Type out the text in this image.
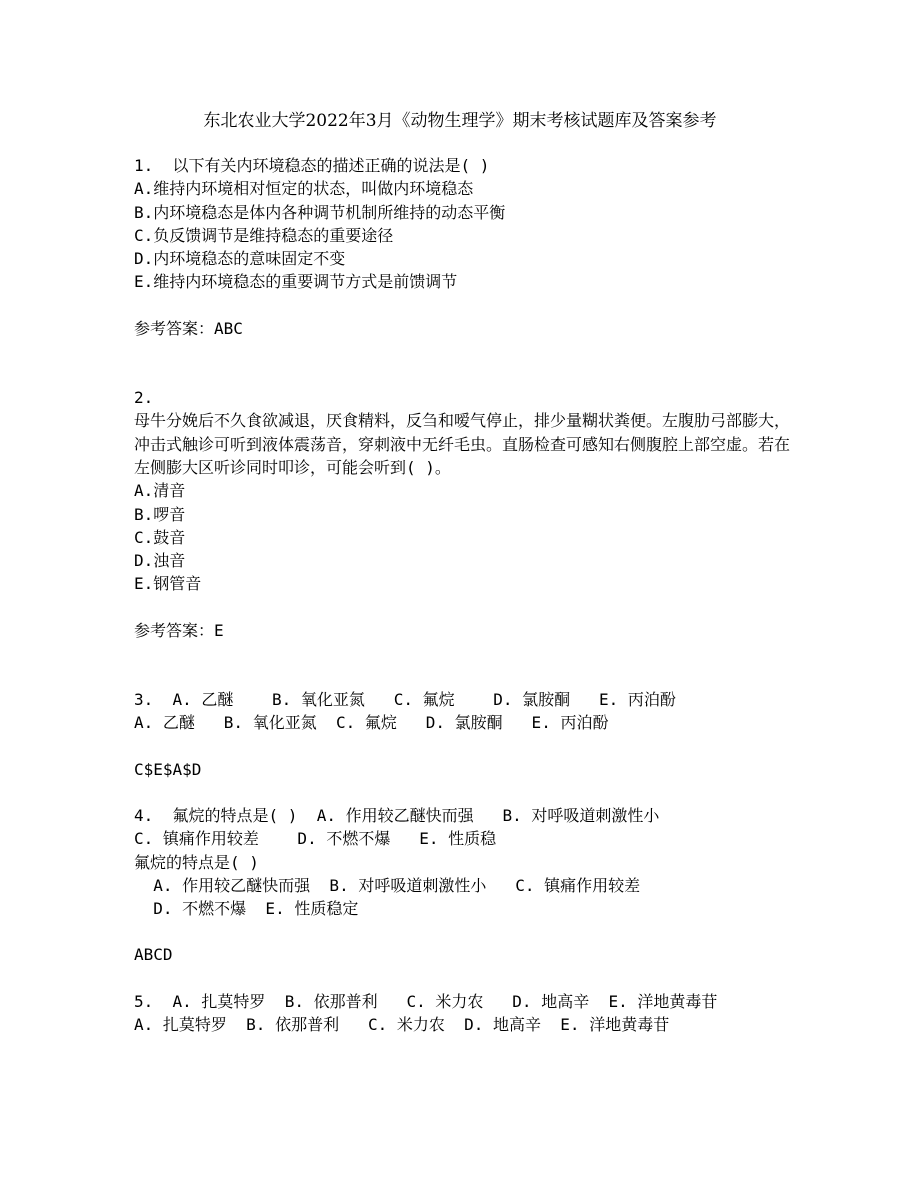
东北农业大学2022年3月《动物生理学》期末考核试题库及答案参考
1.  以下有关内环境稳态的描述正确的说法是( )
A.维持内环境相对恒定的状态，叫做内环境稳态
B.内环境稳态是体内各种调节机制所维持的动态平衡
C.负反馈调节是维持稳态的重要途径
D.内环境稳态的意味固定不变
E.维持内环境稳态的重要调节方式是前馈调节
参考答案：ABC
2.
母牛分娩后不久食欲减退，厌食精料，反刍和嗳气停止，排少量糊状粪便。左腹肋弓部膨大，冲击式触诊可听到液体震荡音，穿刺液中无纤毛虫。直肠检查可感知右侧腹腔上部空虚。若在左侧膨大区听诊同时叩诊，可能会听到( )。
A.清音
B.啰音
C.鼓音
D.浊音
E.钢管音
参考答案：E
3.  A. 乙醚    B. 氧化亚氮   C. 氟烷    D. 氯胺酮   E. 丙泊酚
A. 乙醚   B. 氧化亚氮  C. 氟烷   D. 氯胺酮   E. 丙泊酚
C$E$A$D
4.  氟烷的特点是( )  A. 作用较乙醚快而强   B. 对呼吸道刺激性小
C. 镇痛作用较差    D. 不燃不爆   E. 性质稳
氟烷的特点是( )
A. 作用较乙醚快而强  B. 对呼吸道刺激性小   C. 镇痛作用较差
D. 不燃不爆  E. 性质稳定
ABCD
5.  A. 扎莫特罗  B. 依那普利   C. 米力农   D. 地高辛  E. 洋地黄毒苷
A. 扎莫特罗  B. 依那普利   C. 米力农  D. 地高辛  E. 洋地黄毒苷
